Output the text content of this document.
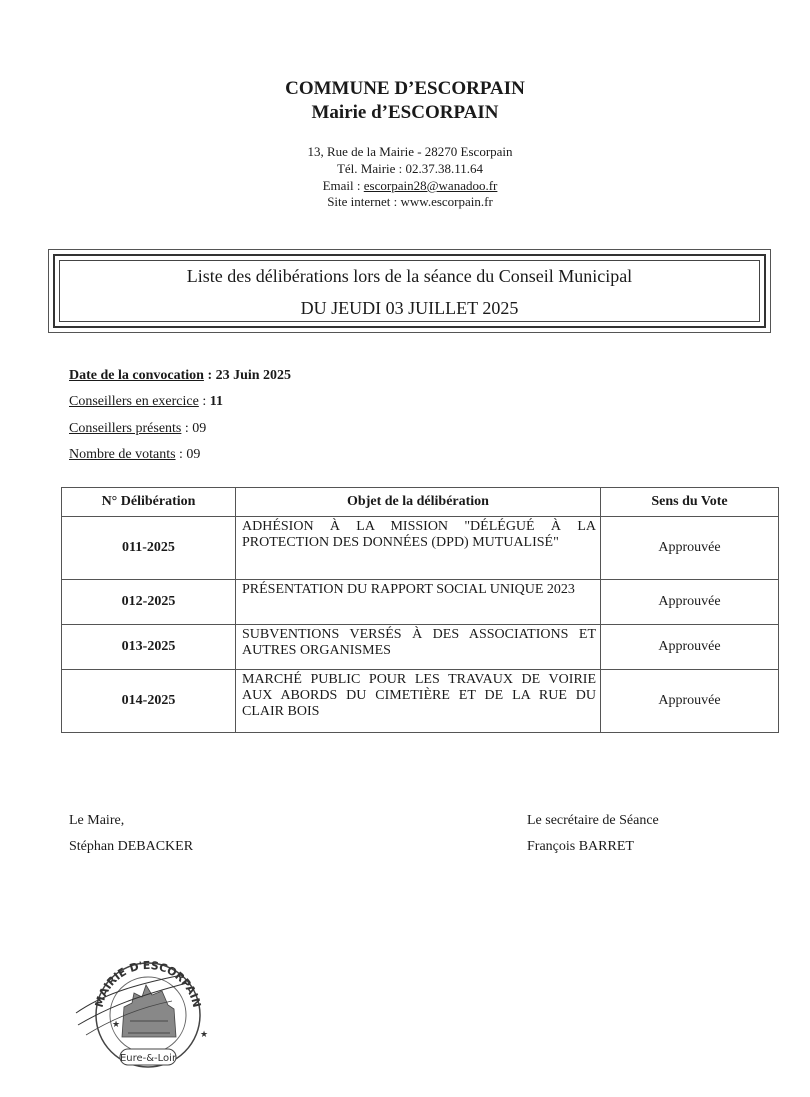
COMMUNE D’ESCORPAIN
Mairie d’ESCORPAIN
13, Rue de la Mairie - 28270 Escorpain
Tél. Mairie : 02.37.38.11.64
Email : escorpain28@wanadoo.fr
Site internet : www.escorpain.fr
Liste des délibérations lors de la séance du Conseil Municipal
DU JEUDI 03 JUILLET 2025
Date de la convocation : 23 Juin 2025
Conseillers en exercice : 11
Conseillers présents : 09
Nombre de votants : 09
N° Délibération	Objet de la délibération	Sens du Vote
011-2025	ADHÉSION À LA MISSION "DÉLÉGUÉ À LA PROTECTION DES DONNÉES (DPD) MUTUALISÉ"	Approuvée
012-2025	PRÉSENTATION DU RAPPORT SOCIAL UNIQUE 2023	Approuvée
013-2025	SUBVENTIONS VERSÉS À DES ASSOCIATIONS ET AUTRES ORGANISMES	Approuvée
014-2025	MARCHÉ PUBLIC POUR LES TRAVAUX DE VOIRIE AUX ABORDS DU CIMETIÈRE ET DE LA RUE DU CLAIR BOIS	Approuvée
Le Maire,
Stéphan DEBACKER
Le secrétaire de Séance
François BARRET
MAIRIE D'ESCORPAIN
★
★
Eure-&-Loir
